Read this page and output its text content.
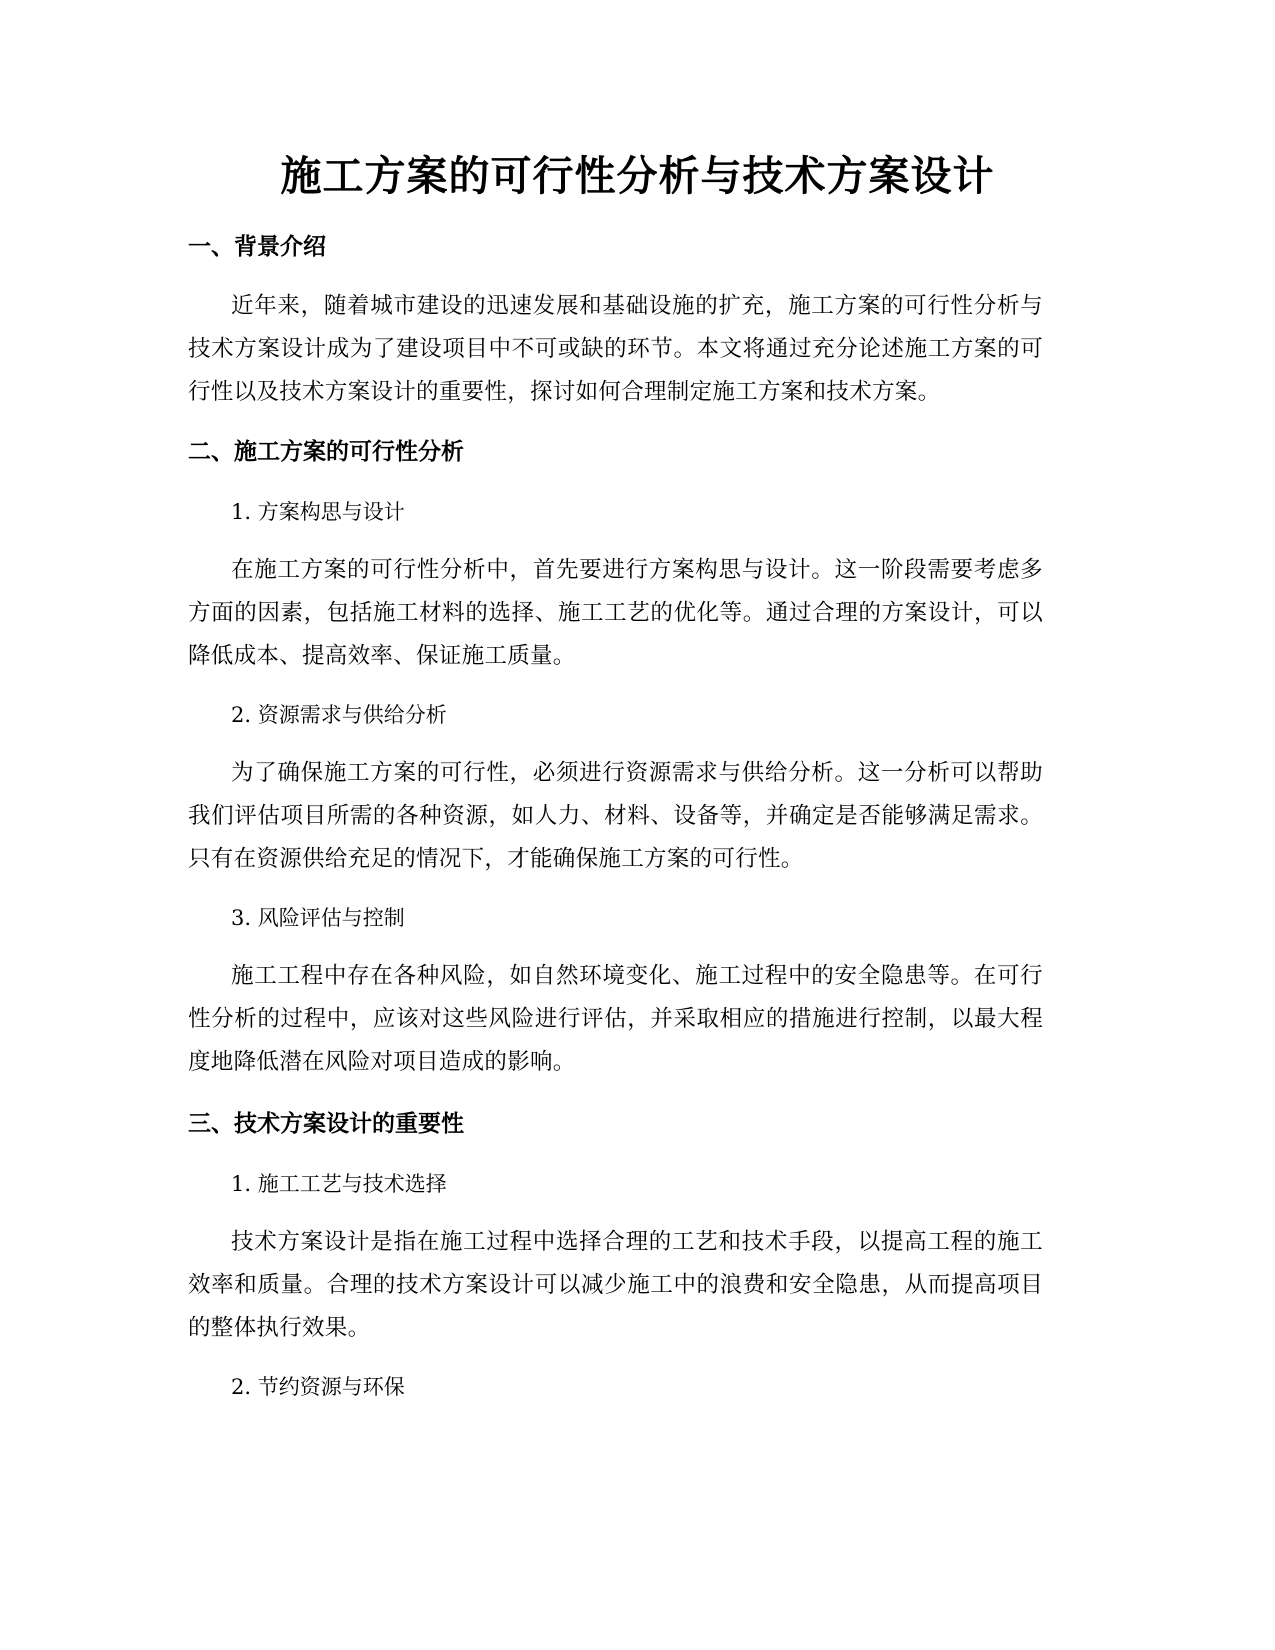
施工方案的可行性分析与技术方案设计
一、背景介绍

近年来，随着城市建设的迅速发展和基础设施的扩充，施工方案的可行性分析与技术方案设计成为了建设项目中不可或缺的环节。本文将通过充分论述施工方案的可行性以及技术方案设计的重要性，探讨如何合理制定施工方案和技术方案。

二、施工方案的可行性分析

1. 方案构思与设计

在施工方案的可行性分析中，首先要进行方案构思与设计。这一阶段需要考虑多方面的因素，包括施工材料的选择、施工工艺的优化等。通过合理的方案设计，可以降低成本、提高效率、保证施工质量。

2. 资源需求与供给分析

为了确保施工方案的可行性，必须进行资源需求与供给分析。这一分析可以帮助我们评估项目所需的各种资源，如人力、材料、设备等，并确定是否能够满足需求。只有在资源供给充足的情况下，才能确保施工方案的可行性。

3. 风险评估与控制

施工工程中存在各种风险，如自然环境变化、施工过程中的安全隐患等。在可行性分析的过程中，应该对这些风险进行评估，并采取相应的措施进行控制，以最大程度地降低潜在风险对项目造成的影响。

三、技术方案设计的重要性

1. 施工工艺与技术选择

技术方案设计是指在施工过程中选择合理的工艺和技术手段，以提高工程的施工效率和质量。合理的技术方案设计可以减少施工中的浪费和安全隐患，从而提高项目的整体执行效果。

2. 节约资源与环保
